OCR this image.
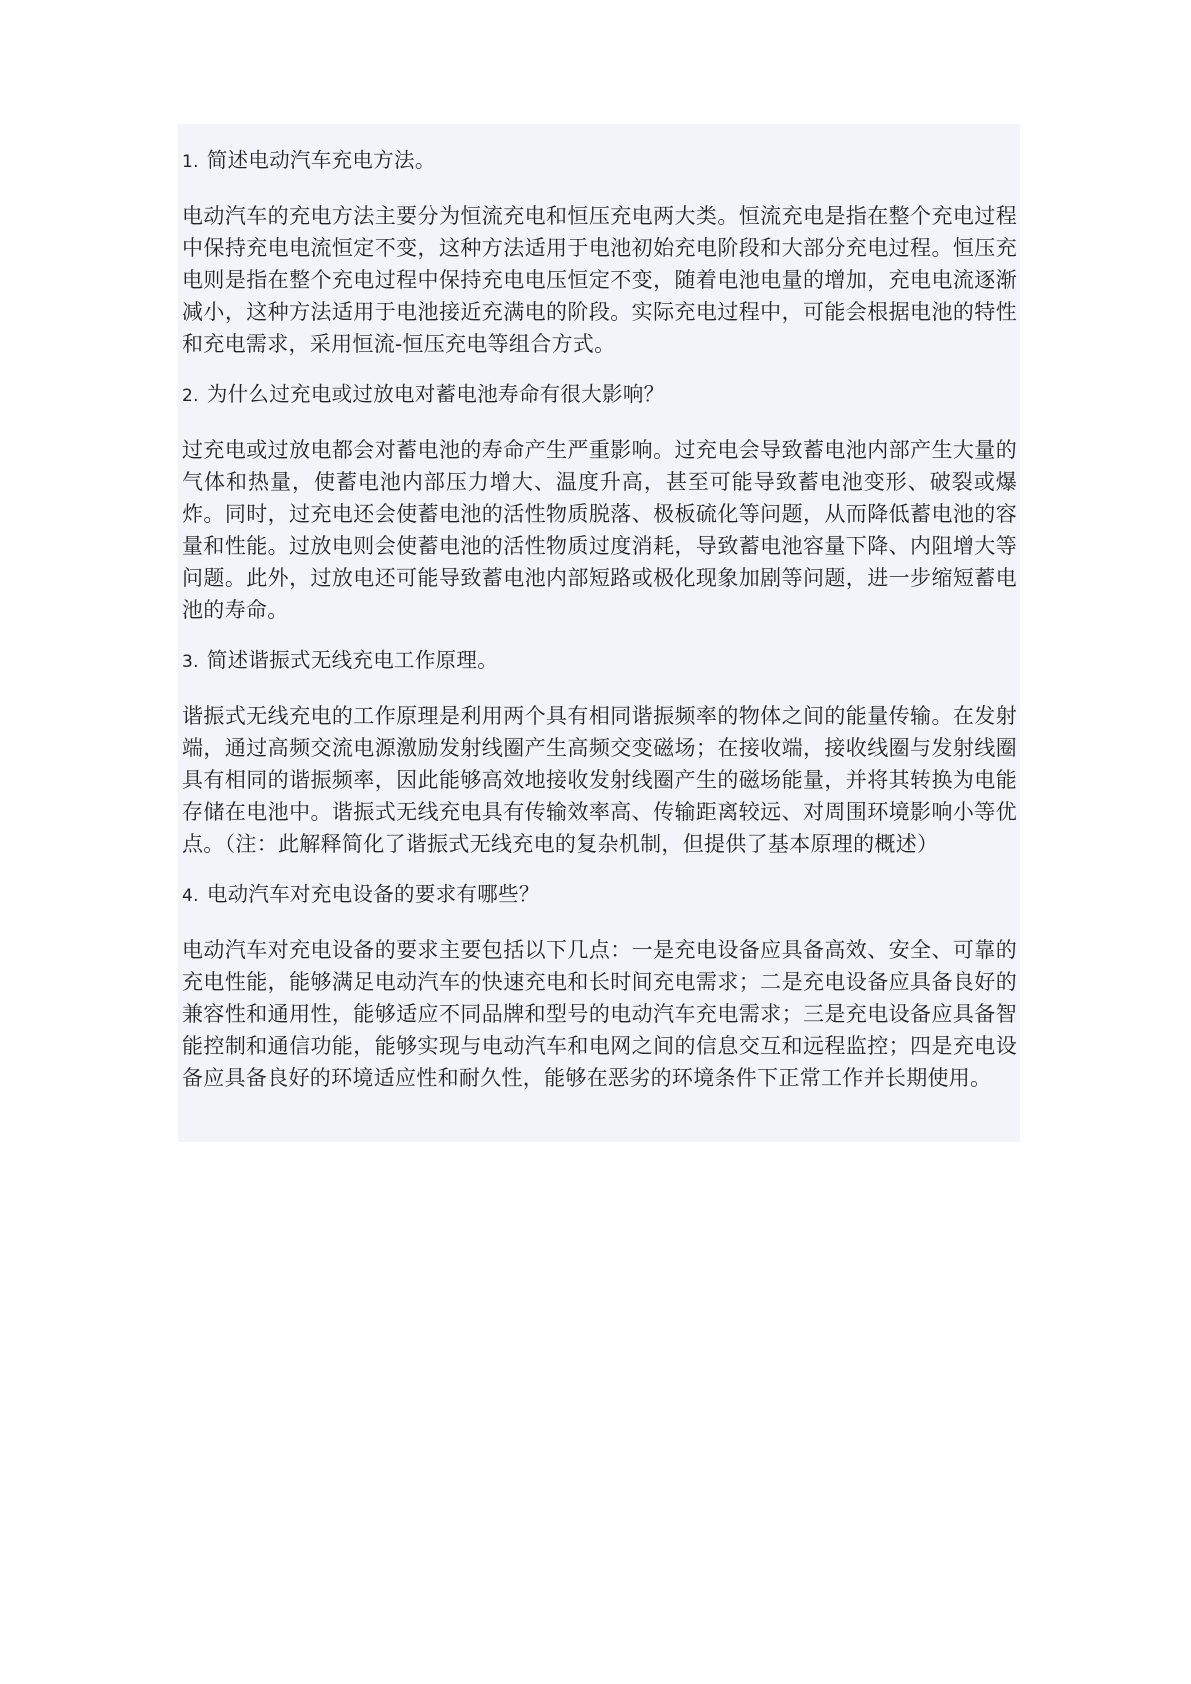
1. 简述电动汽车充电方法。

电动汽车的充电方法主要分为恒流充电和恒压充电两大类。恒流充电是指在整个充电过程中保持充电电流恒定不变，这种方法适用于电池初始充电阶段和大部分充电过程。恒压充电则是指在整个充电过程中保持充电电压恒定不变，随着电池电量的增加，充电电流逐渐减小，这种方法适用于电池接近充满电的阶段。实际充电过程中，可能会根据电池的特性和充电需求，采用恒流-恒压充电等组合方式。

2. 为什么过充电或过放电对蓄电池寿命有很大影响？

过充电或过放电都会对蓄电池的寿命产生严重影响。过充电会导致蓄电池内部产生大量的气体和热量，使蓄电池内部压力增大、温度升高，甚至可能导致蓄电池变形、破裂或爆炸。同时，过充电还会使蓄电池的活性物质脱落、极板硫化等问题，从而降低蓄电池的容量和性能。过放电则会使蓄电池的活性物质过度消耗，导致蓄电池容量下降、内阻增大等问题。此外，过放电还可能导致蓄电池内部短路或极化现象加剧等问题，进一步缩短蓄电池的寿命。

3. 简述谐振式无线充电工作原理。

谐振式无线充电的工作原理是利用两个具有相同谐振频率的物体之间的能量传输。在发射端，通过高频交流电源激励发射线圈产生高频交变磁场；在接收端，接收线圈与发射线圈具有相同的谐振频率，因此能够高效地接收发射线圈产生的磁场能量，并将其转换为电能存储在电池中。谐振式无线充电具有传输效率高、传输距离较远、对周围环境影响小等优点。（注：此解释简化了谐振式无线充电的复杂机制，但提供了基本原理的概述）

4. 电动汽车对充电设备的要求有哪些？

电动汽车对充电设备的要求主要包括以下几点：一是充电设备应具备高效、安全、可靠的充电性能，能够满足电动汽车的快速充电和长时间充电需求；二是充电设备应具备良好的兼容性和通用性，能够适应不同品牌和型号的电动汽车充电需求；三是充电设备应具备智能控制和通信功能，能够实现与电动汽车和电网之间的信息交互和远程监控；四是充电设备应具备良好的环境适应性和耐久性，能够在恶劣的环境条件下正常工作并长期使用。
